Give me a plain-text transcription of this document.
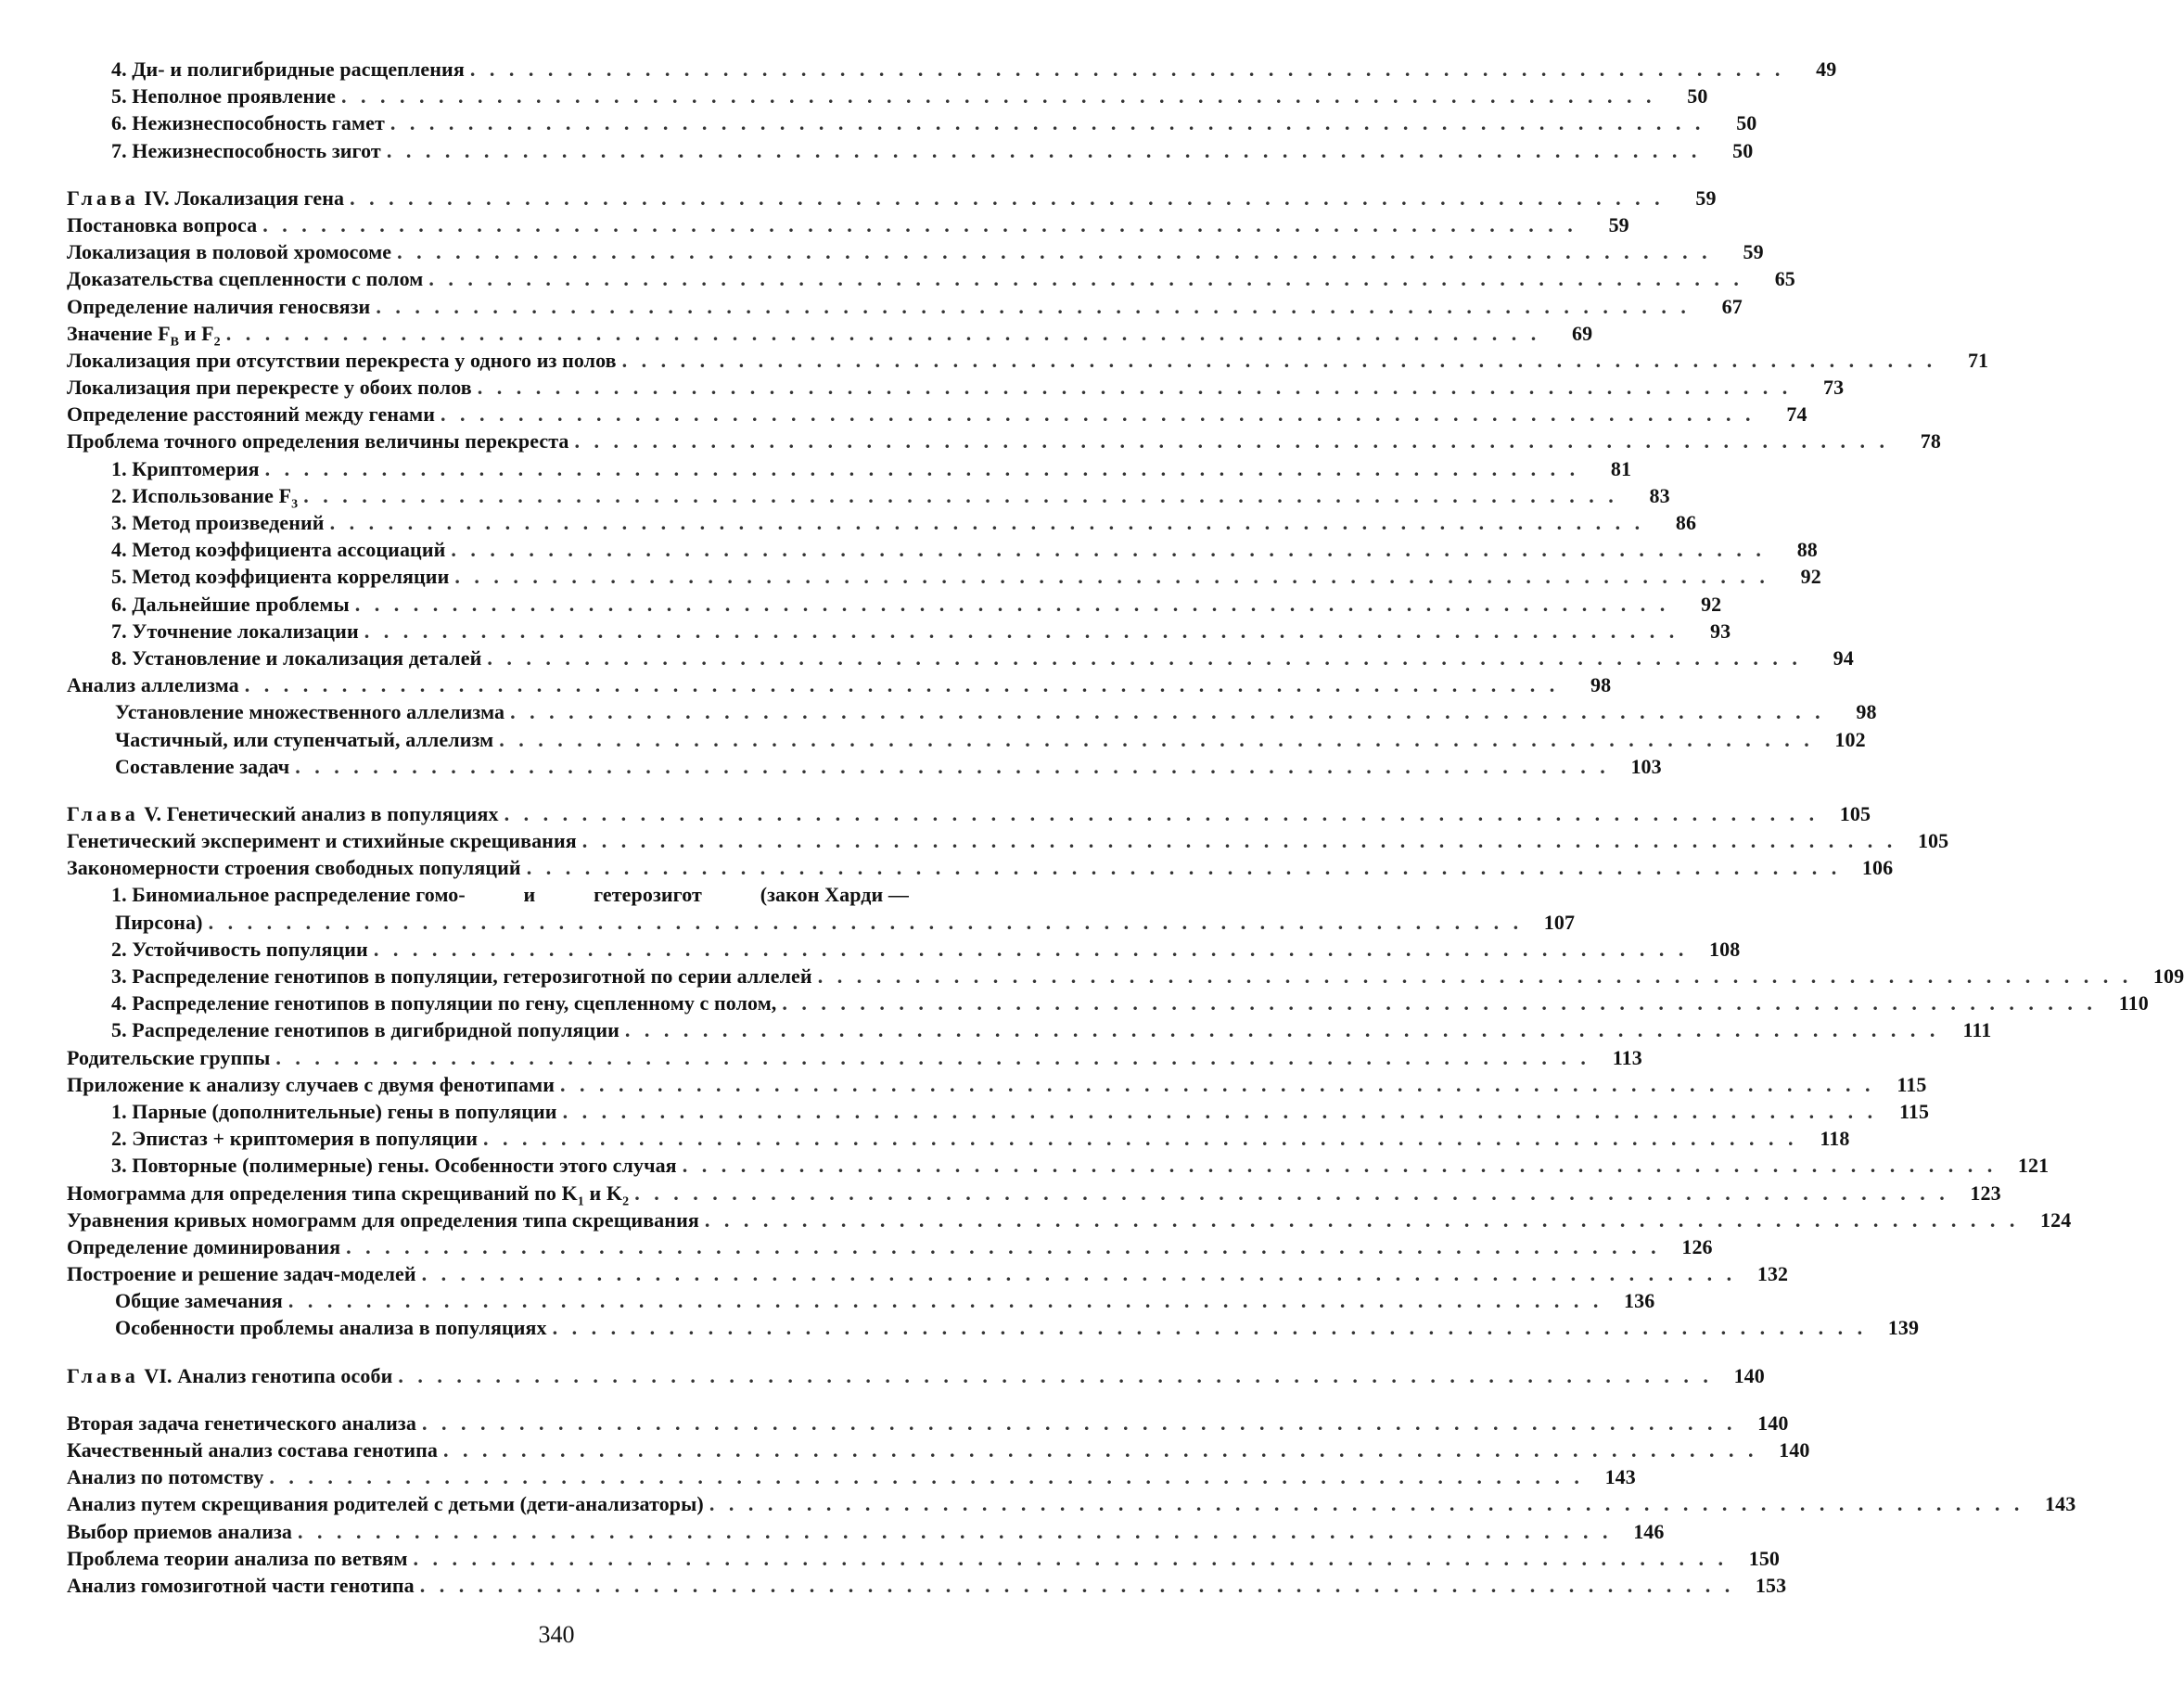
4. Ди- и полигибридные расщепления . . . . . . . . . . . . . . . . . . . . . . . . . . . . . . . . . . . . . . . . . . . . . . . . . . . . . . . . . . . . . . . . . . . .	49
5. Неполное проявление . . . . . . . . . . . . . . . . . . . . . . . . . . . . . . . . . . . . . . . . . . . . . . . . . . . . . . . . . . . . . . . . . . . .	50
6. Нежизнеспособность гамет . . . . . . . . . . . . . . . . . . . . . . . . . . . . . . . . . . . . . . . . . . . . . . . . . . . . . . . . . . . . . . . . . . . .	50
7. Нежизнеспособность зигот . . . . . . . . . . . . . . . . . . . . . . . . . . . . . . . . . . . . . . . . . . . . . . . . . . . . . . . . . . . . . . . . . . . .	50
Глава IV. Локализация гена . . . . . . . . . . . . . . . . . . . . . . . . . . . . . . . . . . . . . . . . . . . . . . . . . . . . . . . . . . . . . . . . . . . .	59
Постановка вопроса . . . . . . . . . . . . . . . . . . . . . . . . . . . . . . . . . . . . . . . . . . . . . . . . . . . . . . . . . . . . . . . . . . . .	59
Локализация в половой хромосоме . . . . . . . . . . . . . . . . . . . . . . . . . . . . . . . . . . . . . . . . . . . . . . . . . . . . . . . . . . . . . . . . . . . .	59
Доказательства сцепленности с полом . . . . . . . . . . . . . . . . . . . . . . . . . . . . . . . . . . . . . . . . . . . . . . . . . . . . . . . . . . . . . . . . . . . .	65
Определение наличия геносвязи . . . . . . . . . . . . . . . . . . . . . . . . . . . . . . . . . . . . . . . . . . . . . . . . . . . . . . . . . . . . . . . . . . . .	67
Значение $F_B$ и $F_2$ . . . . . . . . . . . . . . . . . . . . . . . . . . . . . . . . . . . . . . . . . . . . . . . . . . . . . . . . . . . . . . . . . . . .	69
Локализация при отсутствии перекреста у одного из полов . . . . . . . . . . . . . . . . . . . . . . . . . . . . . . . . . . . . . . . . . . . . . . . . . . . . . . . . . . . . . . . . . . . .	71
Локализация при перекресте у обоих полов . . . . . . . . . . . . . . . . . . . . . . . . . . . . . . . . . . . . . . . . . . . . . . . . . . . . . . . . . . . . . . . . . . . .	73
Определение расстояний между генами . . . . . . . . . . . . . . . . . . . . . . . . . . . . . . . . . . . . . . . . . . . . . . . . . . . . . . . . . . . . . . . . . . . .	74
Проблема точного определения величины перекреста . . . . . . . . . . . . . . . . . . . . . . . . . . . . . . . . . . . . . . . . . . . . . . . . . . . . . . . . . . . . . . . . . . . .	78
1. Криптомерия . . . . . . . . . . . . . . . . . . . . . . . . . . . . . . . . . . . . . . . . . . . . . . . . . . . . . . . . . . . . . . . . . . . .	81
2. Использование $F_3$ . . . . . . . . . . . . . . . . . . . . . . . . . . . . . . . . . . . . . . . . . . . . . . . . . . . . . . . . . . . . . . . . . . . .	83
3. Метод произведений . . . . . . . . . . . . . . . . . . . . . . . . . . . . . . . . . . . . . . . . . . . . . . . . . . . . . . . . . . . . . . . . . . . .	86
4. Метод коэффициента ассоциаций . . . . . . . . . . . . . . . . . . . . . . . . . . . . . . . . . . . . . . . . . . . . . . . . . . . . . . . . . . . . . . . . . . . .	88
5. Метод коэффициента корреляции . . . . . . . . . . . . . . . . . . . . . . . . . . . . . . . . . . . . . . . . . . . . . . . . . . . . . . . . . . . . . . . . . . . .	92
6. Дальнейшие проблемы . . . . . . . . . . . . . . . . . . . . . . . . . . . . . . . . . . . . . . . . . . . . . . . . . . . . . . . . . . . . . . . . . . . .	92
7. Уточнение локализации . . . . . . . . . . . . . . . . . . . . . . . . . . . . . . . . . . . . . . . . . . . . . . . . . . . . . . . . . . . . . . . . . . . .	93
8. Установление и локализация деталей . . . . . . . . . . . . . . . . . . . . . . . . . . . . . . . . . . . . . . . . . . . . . . . . . . . . . . . . . . . . . . . . . . . .	94
Анализ аллелизма . . . . . . . . . . . . . . . . . . . . . . . . . . . . . . . . . . . . . . . . . . . . . . . . . . . . . . . . . . . . . . . . . . . .	98
Установление множественного аллелизма . . . . . . . . . . . . . . . . . . . . . . . . . . . . . . . . . . . . . . . . . . . . . . . . . . . . . . . . . . . . . . . . . . . .	98
Частичный, или ступенчатый, аллелизм . . . . . . . . . . . . . . . . . . . . . . . . . . . . . . . . . . . . . . . . . . . . . . . . . . . . . . . . . . . . . . . . . . . .	102
Составление задач . . . . . . . . . . . . . . . . . . . . . . . . . . . . . . . . . . . . . . . . . . . . . . . . . . . . . . . . . . . . . . . . . . . .	103
Глава V. Генетический анализ в популяциях . . . . . . . . . . . . . . . . . . . . . . . . . . . . . . . . . . . . . . . . . . . . . . . . . . . . . . . . . . . . . . . . . . . .	105
Генетический эксперимент и стихийные скрещивания . . . . . . . . . . . . . . . . . . . . . . . . . . . . . . . . . . . . . . . . . . . . . . . . . . . . . . . . . . . . . . . . . . . .	105
Закономерности строения свободных популяций . . . . . . . . . . . . . . . . . . . . . . . . . . . . . . . . . . . . . . . . . . . . . . . . . . . . . . . . . . . . . . . . . . . .	106
1. Биномиальное распределение гомо-	и	гетерозигот	(закон Харди —
Пирсона) . . . . . . . . . . . . . . . . . . . . . . . . . . . . . . . . . . . . . . . . . . . . . . . . . . . . . . . . . . . . . . . . . . . .	107
2. Устойчивость популяции . . . . . . . . . . . . . . . . . . . . . . . . . . . . . . . . . . . . . . . . . . . . . . . . . . . . . . . . . . . . . . . . . . . .	108
3. Распределение генотипов в популяции, гетерозиготной по серии аллелей . . . . . . . . . . . . . . . . . . . . . . . . . . . . . . . . . . . . . . . . . . . . . . . . . . . . . . . . . . . . . . . . . . . .	109
4. Распределение генотипов в популяции по гену, сцепленному с полом, . . . . . . . . . . . . . . . . . . . . . . . . . . . . . . . . . . . . . . . . . . . . . . . . . . . . . . . . . . . . . . . . . . . .	110
5. Распределение генотипов в дигибридной популяции . . . . . . . . . . . . . . . . . . . . . . . . . . . . . . . . . . . . . . . . . . . . . . . . . . . . . . . . . . . . . . . . . . . .	111
Родительские группы . . . . . . . . . . . . . . . . . . . . . . . . . . . . . . . . . . . . . . . . . . . . . . . . . . . . . . . . . . . . . . . . . . . .	113
Приложение к анализу случаев с двумя фенотипами . . . . . . . . . . . . . . . . . . . . . . . . . . . . . . . . . . . . . . . . . . . . . . . . . . . . . . . . . . . . . . . . . . . .	115
1. Парные (дополнительные) гены в популяции . . . . . . . . . . . . . . . . . . . . . . . . . . . . . . . . . . . . . . . . . . . . . . . . . . . . . . . . . . . . . . . . . . . .	115
2. Эпистаз + криптомерия в популяции . . . . . . . . . . . . . . . . . . . . . . . . . . . . . . . . . . . . . . . . . . . . . . . . . . . . . . . . . . . . . . . . . . . .	118
3. Повторные (полимерные) гены. Особенности этого случая . . . . . . . . . . . . . . . . . . . . . . . . . . . . . . . . . . . . . . . . . . . . . . . . . . . . . . . . . . . . . . . . . . . .	121
Номограмма для определения типа скрещиваний по $K_1$ и $K_2$ . . . . . . . . . . . . . . . . . . . . . . . . . . . . . . . . . . . . . . . . . . . . . . . . . . . . . . . . . . . . . . . . . . . .	123
Уравнения кривых номограмм для определения типа скрещивания . . . . . . . . . . . . . . . . . . . . . . . . . . . . . . . . . . . . . . . . . . . . . . . . . . . . . . . . . . . . . . . . . . . .	124
Определение доминирования . . . . . . . . . . . . . . . . . . . . . . . . . . . . . . . . . . . . . . . . . . . . . . . . . . . . . . . . . . . . . . . . . . . .	126
Построение и решение задач-моделей . . . . . . . . . . . . . . . . . . . . . . . . . . . . . . . . . . . . . . . . . . . . . . . . . . . . . . . . . . . . . . . . . . . .	132
Общие замечания . . . . . . . . . . . . . . . . . . . . . . . . . . . . . . . . . . . . . . . . . . . . . . . . . . . . . . . . . . . . . . . . . . . .	136
Особенности проблемы анализа в популяциях . . . . . . . . . . . . . . . . . . . . . . . . . . . . . . . . . . . . . . . . . . . . . . . . . . . . . . . . . . . . . . . . . . . .	139
Глава VI. Анализ генотипа особи . . . . . . . . . . . . . . . . . . . . . . . . . . . . . . . . . . . . . . . . . . . . . . . . . . . . . . . . . . . . . . . . . . . .	140
Вторая задача генетического анализа . . . . . . . . . . . . . . . . . . . . . . . . . . . . . . . . . . . . . . . . . . . . . . . . . . . . . . . . . . . . . . . . . . . .	140
Качественный анализ состава генотипа . . . . . . . . . . . . . . . . . . . . . . . . . . . . . . . . . . . . . . . . . . . . . . . . . . . . . . . . . . . . . . . . . . . .	140
Анализ по потомству . . . . . . . . . . . . . . . . . . . . . . . . . . . . . . . . . . . . . . . . . . . . . . . . . . . . . . . . . . . . . . . . . . . .	143
Анализ путем скрещивания родителей с детьми (дети-анализаторы) . . . . . . . . . . . . . . . . . . . . . . . . . . . . . . . . . . . . . . . . . . . . . . . . . . . . . . . . . . . . . . . . . . . .	143
Выбор приемов анализа . . . . . . . . . . . . . . . . . . . . . . . . . . . . . . . . . . . . . . . . . . . . . . . . . . . . . . . . . . . . . . . . . . . .	146
Проблема теории анализа по ветвям . . . . . . . . . . . . . . . . . . . . . . . . . . . . . . . . . . . . . . . . . . . . . . . . . . . . . . . . . . . . . . . . . . . .	150
Анализ гомозиготной части генотипа . . . . . . . . . . . . . . . . . . . . . . . . . . . . . . . . . . . . . . . . . . . . . . . . . . . . . . . . . . . . . . . . . . . .	153
340
